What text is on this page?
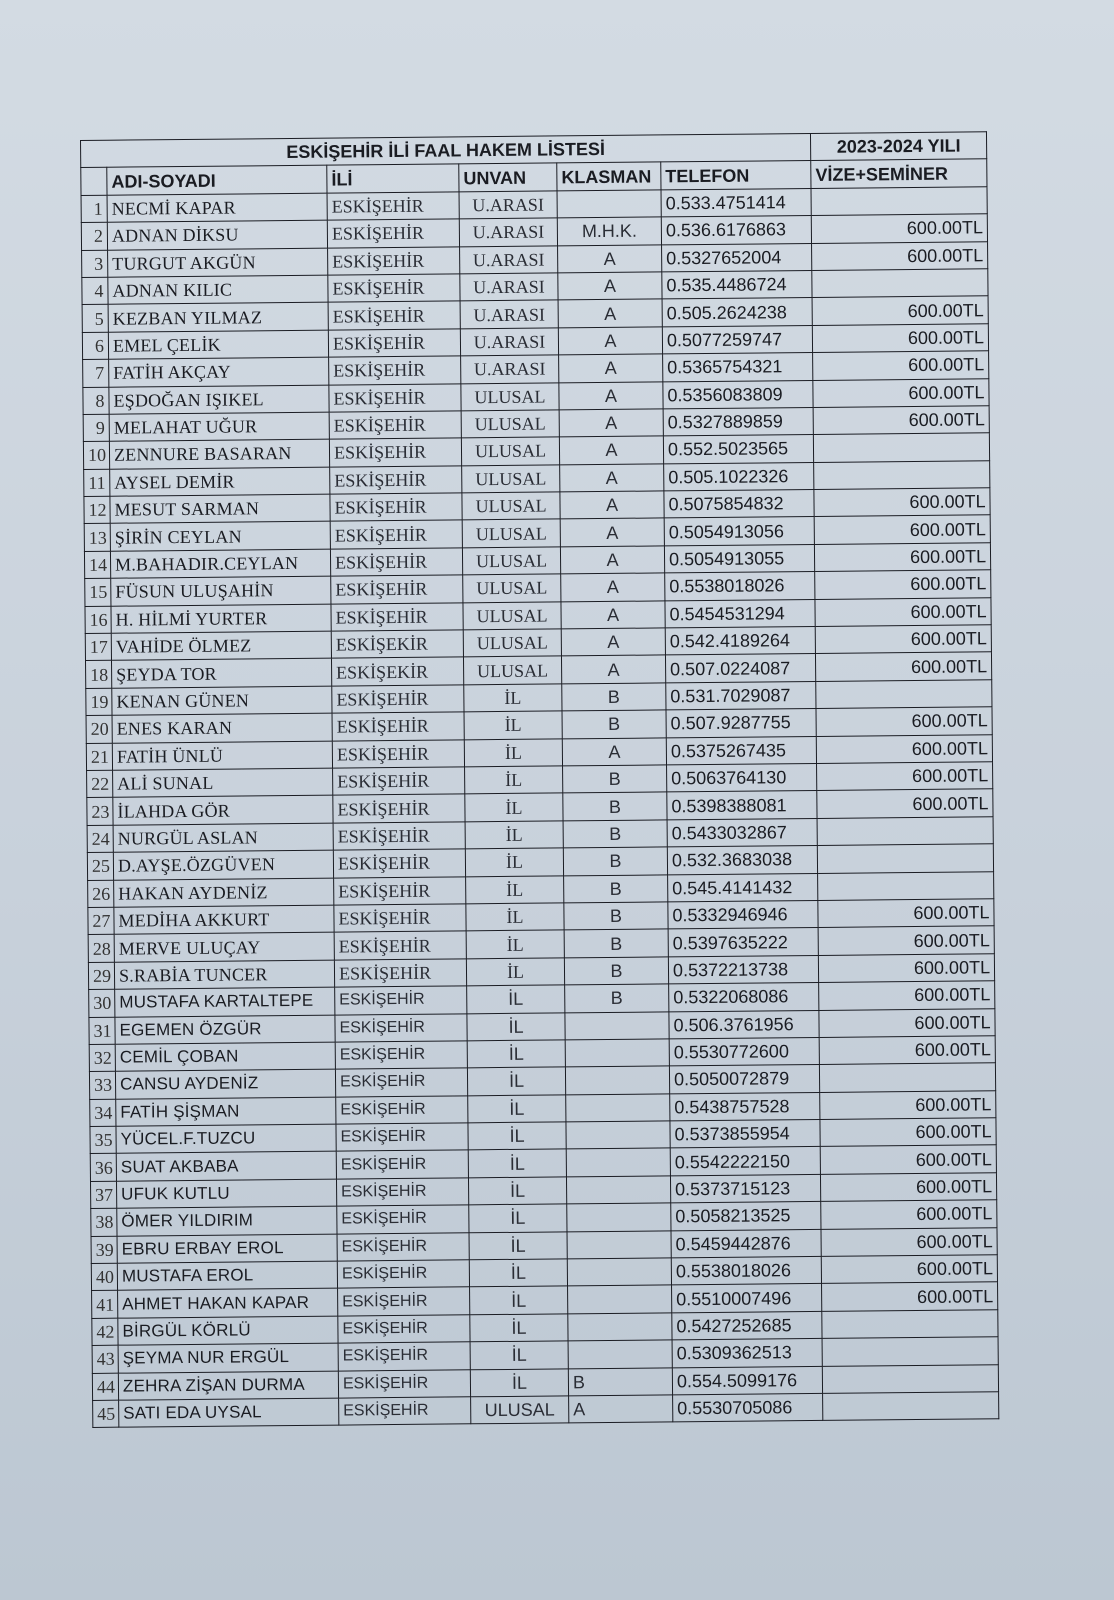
ESKİŞEHİR İLİ FAAL HAKEM LİSTESİ						2023-2024 YILI
	ADI-SOYADI	İLİ	UNVAN	KLASMAN	TELEFON	VİZE+SEMİNER
1	NECMİ KAPAR	ESKİŞEHİR	U.ARASI		0.533.4751414	
2	ADNAN DİKSU	ESKİŞEHİR	U.ARASI	M.H.K.	0.536.6176863	600.00TL
3	TURGUT AKGÜN	ESKİŞEHİR	U.ARASI	A	0.5327652004	600.00TL
4	ADNAN KILIC	ESKİŞEHİR	U.ARASI	A	0.535.4486724	
5	KEZBAN YILMAZ	ESKİŞEHİR	U.ARASI	A	0.505.2624238	600.00TL
6	EMEL ÇELİK	ESKİŞEHİR	U.ARASI	A	0.5077259747	600.00TL
7	FATİH AKÇAY	ESKİŞEHİR	U.ARASI	A	0.5365754321	600.00TL
8	EŞDOĞAN IŞIKEL	ESKİŞEHİR	ULUSAL	A	0.5356083809	600.00TL
9	MELAHAT UĞUR	ESKİŞEHİR	ULUSAL	A	0.5327889859	600.00TL
10	ZENNURE BASARAN	ESKİŞEHİR	ULUSAL	A	0.552.5023565	
11	AYSEL DEMİR	ESKİŞEHİR	ULUSAL	A	0.505.1022326	
12	MESUT SARMAN	ESKİŞEHİR	ULUSAL	A	0.5075854832	600.00TL
13	ŞİRİN CEYLAN	ESKİŞEHİR	ULUSAL	A	0.5054913056	600.00TL
14	M.BAHADIR.CEYLAN	ESKİŞEHİR	ULUSAL	A	0.5054913055	600.00TL
15	FÜSUN ULUŞAHİN	ESKİŞEHİR	ULUSAL	A	0.5538018026	600.00TL
16	H. HİLMİ YURTER	ESKİŞEHİR	ULUSAL	A	0.5454531294	600.00TL
17	VAHİDE ÖLMEZ	ESKİŞEKİR	ULUSAL	A	0.542.4189264	600.00TL
18	ŞEYDA TOR	ESKİŞEKİR	ULUSAL	A	0.507.0224087	600.00TL
19	KENAN GÜNEN	ESKİŞEHİR	İL	B	0.531.7029087	
20	ENES KARAN	ESKİŞEHİR	İL	B	0.507.9287755	600.00TL
21	FATİH ÜNLÜ	ESKİŞEHİR	İL	A	0.5375267435	600.00TL
22	ALİ SUNAL	ESKİŞEHİR	İL	B	0.5063764130	600.00TL
23	İLAHDA GÖR	ESKİŞEHİR	İL	B	0.5398388081	600.00TL
24	NURGÜL ASLAN	ESKİŞEHİR	İL	B	0.5433032867	
25	D.AYŞE.ÖZGÜVEN	ESKİŞEHİR	İL	B	0.532.3683038	
26	HAKAN AYDENİZ	ESKİŞEHİR	İL	B	0.545.4141432	
27	MEDİHA AKKURT	ESKİŞEHİR	İL	B	0.5332946946	600.00TL
28	MERVE ULUÇAY	ESKİŞEHİR	İL	B	0.5397635222	600.00TL
29	S.RABİA TUNCER	ESKİŞEHİR	İL	B	0.5372213738	600.00TL
30	MUSTAFA KARTALTEPE	ESKİŞEHİR	İL	B	0.5322068086	600.00TL
31	EGEMEN ÖZGÜR	ESKİŞEHİR	İL		0.506.3761956	600.00TL
32	CEMİL ÇOBAN	ESKİŞEHİR	İL		0.5530772600	600.00TL
33	CANSU AYDENİZ	ESKİŞEHİR	İL		0.5050072879	
34	FATİH ŞİŞMAN	ESKİŞEHİR	İL		0.5438757528	600.00TL
35	YÜCEL.F.TUZCU	ESKİŞEHİR	İL		0.5373855954	600.00TL
36	SUAT AKBABA	ESKİŞEHİR	İL		0.5542222150	600.00TL
37	UFUK KUTLU	ESKİŞEHİR	İL		0.5373715123	600.00TL
38	ÖMER YILDIRIM	ESKİŞEHİR	İL		0.5058213525	600.00TL
39	EBRU ERBAY EROL	ESKİŞEHİR	İL		0.5459442876	600.00TL
40	MUSTAFA EROL	ESKİŞEHİR	İL		0.5538018026	600.00TL
41	AHMET HAKAN KAPAR	ESKİŞEHİR	İL		0.5510007496	600.00TL
42	BİRGÜL KÖRLÜ	ESKİŞEHİR	İL		0.5427252685	
43	ŞEYMA NUR ERGÜL	ESKİŞEHİR	İL		0.5309362513	
44	ZEHRA ZİŞAN DURMA	ESKİŞEHİR	İL	B	0.554.5099176	
45	SATI EDA UYSAL	ESKİŞEHİR	ULUSAL	A	0.5530705086	
